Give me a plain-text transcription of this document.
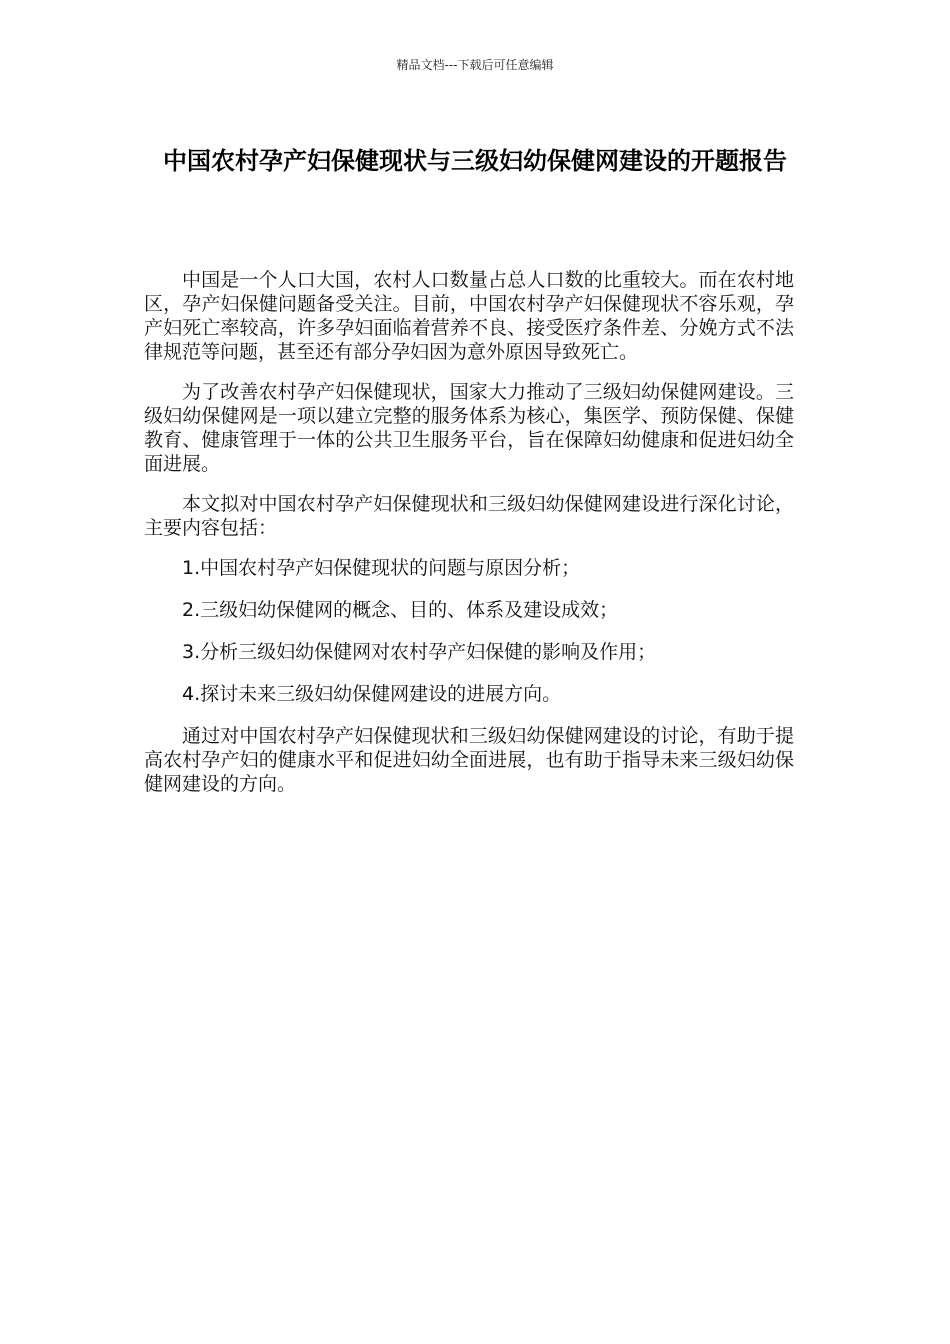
精品文档---下载后可任意编辑
中国农村孕产妇保健现状与三级妇幼保健网建设的开题报告

中国是一个人口大国，农村人口数量占总人口数的比重较大。而在农村地区，孕产妇保健问题备受关注。目前，中国农村孕产妇保健现状不容乐观，孕产妇死亡率较高，许多孕妇面临着营养不良、接受医疗条件差、分娩方式不法律规范等问题，甚至还有部分孕妇因为意外原因导致死亡。

为了改善农村孕产妇保健现状，国家大力推动了三级妇幼保健网建设。三级妇幼保健网是一项以建立完整的服务体系为核心，集医学、预防保健、保健教育、健康管理于一体的公共卫生服务平台，旨在保障妇幼健康和促进妇幼全面进展。

本文拟对中国农村孕产妇保健现状和三级妇幼保健网建设进行深化讨论，主要内容包括：

1.中国农村孕产妇保健现状的问题与原因分析；

2.三级妇幼保健网的概念、目的、体系及建设成效；

3.分析三级妇幼保健网对农村孕产妇保健的影响及作用；

4.探讨未来三级妇幼保健网建设的进展方向。

通过对中国农村孕产妇保健现状和三级妇幼保健网建设的讨论，有助于提高农村孕产妇的健康水平和促进妇幼全面进展，也有助于指导未来三级妇幼保健网建设的方向。
